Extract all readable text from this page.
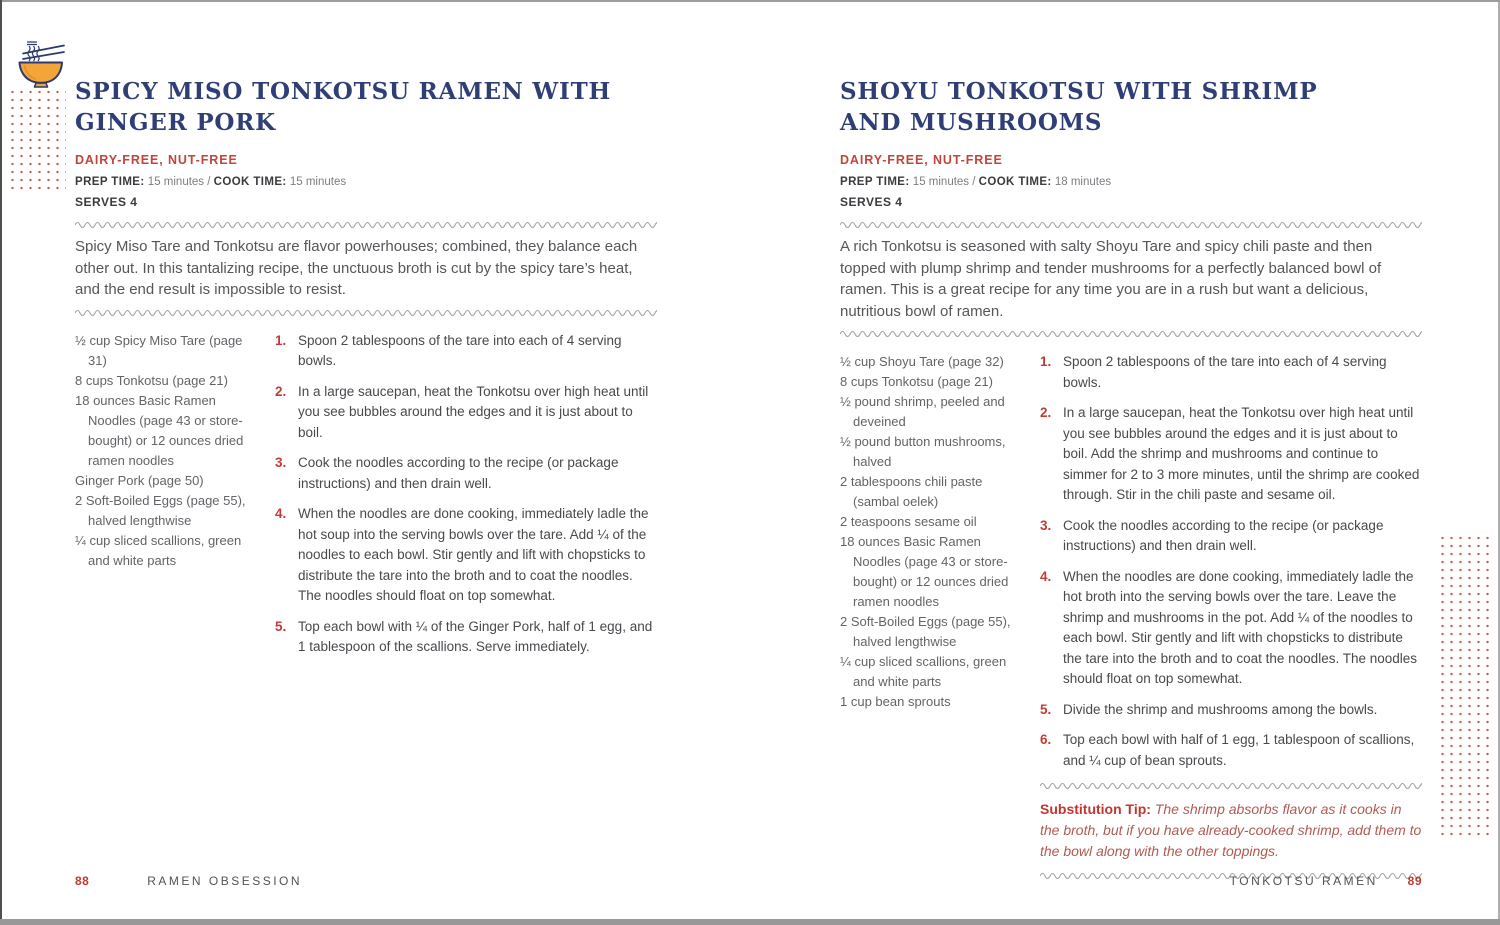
SPICY MISO TONKOTSU RAMEN WITH
GINGER PORK
DAIRY-FREE, NUT-FREE
PREP TIME: 15 minutes / COOK TIME: 15 minutes
SERVES 4

Spicy Miso Tare and Tonkotsu are flavor powerhouses; combined, they balance each other out. In this tantalizing recipe, the unctuous broth is cut by the spicy tare’s heat, and the end result is impossible to resist.

½ cup Spicy Miso Tare (page 31)
8 cups Tonkotsu (page 21)
18 ounces Basic Ramen Noodles (page 43 or store-bought) or 12 ounces dried ramen noodles
Ginger Pork (page 50)
2 Soft-Boiled Eggs (page 55), halved lengthwise
¼ cup sliced scallions, green and white parts
1. Spoon 2 tablespoons of the tare into each of 4 serving bowls.
2. In a large saucepan, heat the Tonkotsu over high heat until you see bubbles around the edges and it is just about to boil.
3. Cook the noodles according to the recipe (or package instructions) and then drain well.
4. When the noodles are done cooking, immediately ladle the hot soup into the serving bowls over the tare. Add ¼ of the noodles to each bowl. Stir gently and lift with chopsticks to distribute the tare into the broth and to coat the noodles. The noodles should float on top somewhat.
5. Top each bowl with ¼ of the Ginger Pork, half of 1 egg, and 1 tablespoon of the scallions. Serve immediately.
SHOYU TONKOTSU WITH SHRIMP
AND MUSHROOMS
DAIRY-FREE, NUT-FREE
PREP TIME: 15 minutes / COOK TIME: 18 minutes
SERVES 4

A rich Tonkotsu is seasoned with salty Shoyu Tare and spicy chili paste and then topped with plump shrimp and tender mushrooms for a perfectly balanced bowl of ramen. This is a great recipe for any time you are in a rush but want a delicious, nutritious bowl of ramen.

½ cup Shoyu Tare (page 32)
8 cups Tonkotsu (page 21)
½ pound shrimp, peeled and deveined
½ pound button mushrooms, halved
2 tablespoons chili paste (sambal oelek)
2 teaspoons sesame oil
18 ounces Basic Ramen Noodles (page 43 or store-bought) or 12 ounces dried ramen noodles
2 Soft-Boiled Eggs (page 55), halved lengthwise
¼ cup sliced scallions, green and white parts
1 cup bean sprouts
1. Spoon 2 tablespoons of the tare into each of 4 serving bowls.
2. In a large saucepan, heat the Tonkotsu over high heat until you see bubbles around the edges and it is just about to boil. Add the shrimp and mushrooms and continue to simmer for 2 to 3 more minutes, until the shrimp are cooked through. Stir in the chili paste and sesame oil.
3. Cook the noodles according to the recipe (or package instructions) and then drain well.
4. When the noodles are done cooking, immediately ladle the hot broth into the serving bowls over the tare. Leave the shrimp and mushrooms in the pot. Add ¼ of the noodles to each bowl. Stir gently and lift with chopsticks to distribute the tare into the broth and to coat the noodles. The noodles should float on top somewhat.
5. Divide the shrimp and mushrooms among the bowls.
6. Top each bowl with half of 1 egg, 1 tablespoon of scallions, and ¼ cup of bean sprouts.

Substitution Tip: The shrimp absorbs flavor as it cooks in the broth, but if you have already-cooked shrimp, add them to the bowl along with the other toppings.

88	RAMEN OBSESSION	TONKOTSU RAMEN 89
